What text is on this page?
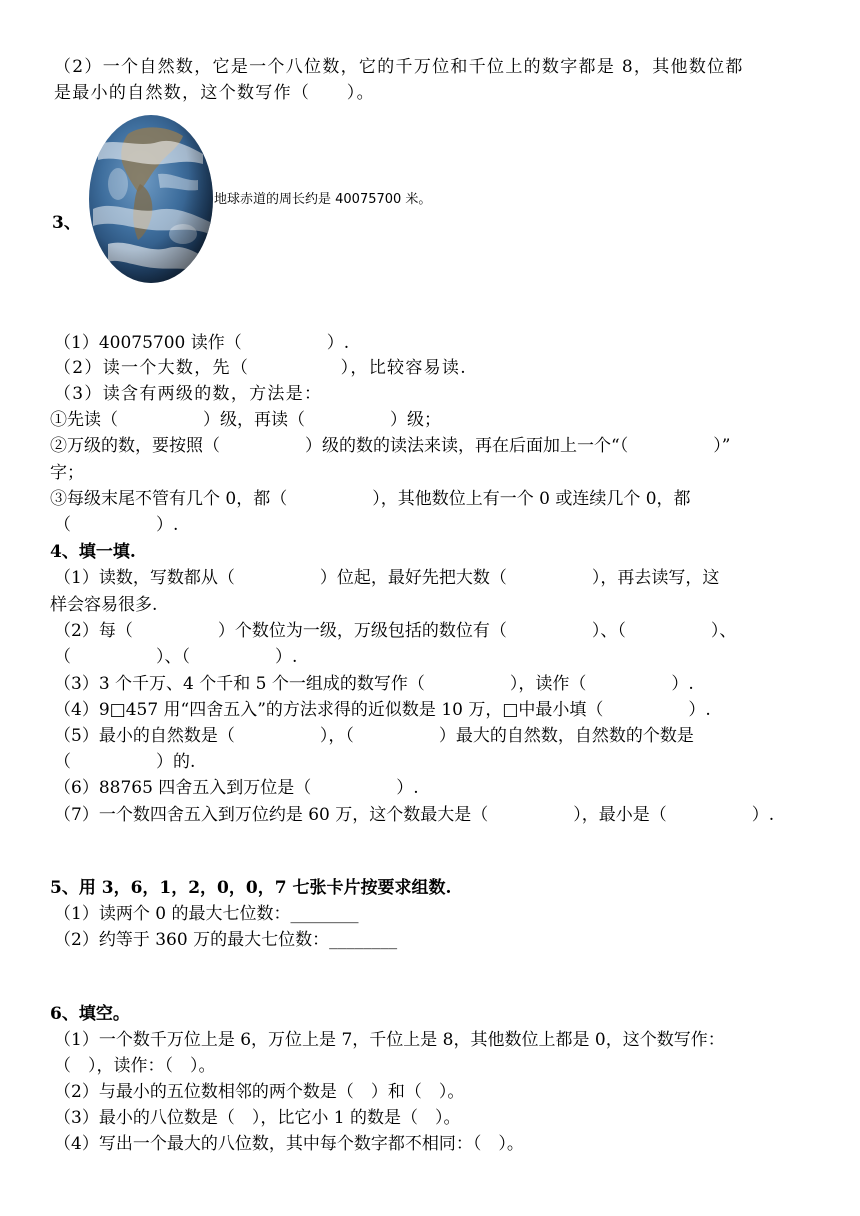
（2）一个自然数，它是一个八位数，它的千万位和千位上的数字都是 8，其他数位都
是最小的自然数，这个数写作（　　）。
3、
地球赤道的周长约是 40075700 米。
（1）40075700 读作（　　　　　）.
（2）读一个大数，先（　　　　　），比较容易读.
（3）读含有两级的数，方法是：
①先读（　　　　　）级，再读（　　　　　）级；
②万级的数，要按照（　　　　　）级的数的读法来读，再在后面加上一个“（　　　　　）”
字；
③每级末尾不管有几个 0，都（　　　　　），其他数位上有一个 0 或连续几个 0，都
（　　　　　）.
4、填一填.
（1）读数，写数都从（　　　　　）位起，最好先把大数（　　　　　），再去读写，这
样会容易很多.
（2）每（　　　　　）个数位为一级，万级包括的数位有（　　　　　）、（　　　　　）、
（　　　　　）、（　　　　　）.
（3）3 个千万、4 个千和 5 个一组成的数写作（　　　　　），读作（　　　　　）.
（4）9□457 用“四舍五入”的方法求得的近似数是 10 万，□中最小填（　　　　　）.
（5）最小的自然数是（　　　　　），（　　　　　）最大的自然数，自然数的个数是
（　　　　　）的.
（6）88765 四舍五入到万位是（　　　　　）.
（7）一个数四舍五入到万位约是 60 万，这个数最大是（　　　　　），最小是（　　　　　）.
5、用 3，6，1，2，0，0，7 七张卡片按要求组数.
（1）读两个 0 的最大七位数：________
（2）约等于 360 万的最大七位数：________
6、填空。
（1）一个数千万位上是 6，万位上是 7，千位上是 8，其他数位上都是 0，这个数写作：
（　），读作：（　）。
（2）与最小的五位数相邻的两个数是（　）和（　）。
（3）最小的八位数是（　），比它小 1 的数是（　）。
（4）写出一个最大的八位数，其中每个数字都不相同：（　）。
